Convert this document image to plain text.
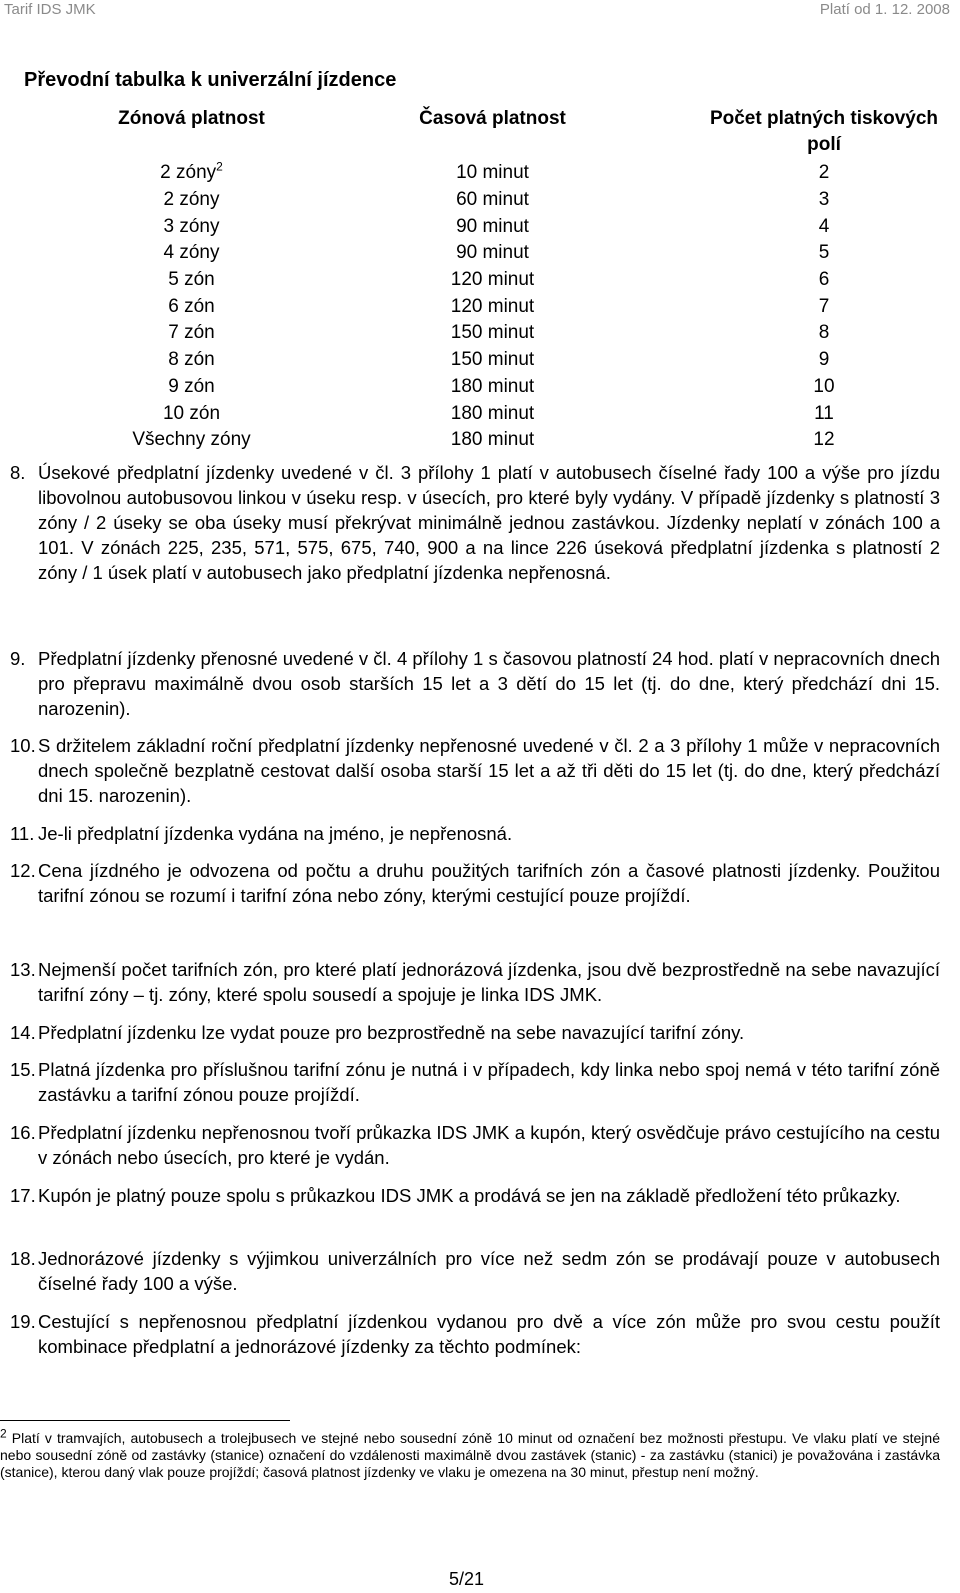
Tarif IDS JMK	Platí od 1. 12. 2008
Převodní tabulka k univerzální jízdence
Zónová platnost	Časová platnost	Počet platných tiskových polí
2 zóny$^2$	10 minut	2
2 zóny	60 minut	3
3 zóny	90 minut	4
4 zóny	90 minut	5
5 zón	120 minut	6
6 zón	120 minut	7
7 zón	150 minut	8
8 zón	150 minut	9
9 zón	180 minut	10
10 zón	180 minut	11
Všechny zóny	180 minut	12
8. Úsekové předplatní jízdenky uvedené v čl. 3 přílohy 1 platí v autobusech číselné řady 100 a výše pro jízdu libovolnou autobusovou linkou v úseku resp. v úsecích, pro které byly vydány. V případě jízdenky s platností 3 zóny / 2 úseky se oba úseky musí překrývat minimálně jednou zastávkou. Jízdenky neplatí v zónách 100 a 101. V zónách 225, 235, 571, 575, 675, 740, 900 a na lince 226 úseková předplatní jízdenka s platností 2 zóny / 1 úsek platí v autobusech jako předplatní jízdenka nepřenosná.
9. Předplatní jízdenky přenosné uvedené v čl. 4 přílohy 1 s časovou platností 24 hod. platí v nepracovních dnech pro přepravu maximálně dvou osob starších 15 let a 3 dětí do 15 let (tj. do dne, který předchází dni 15. narozenin).
10. S držitelem základní roční předplatní jízdenky nepřenosné uvedené v čl. 2 a 3 přílohy 1 může v nepracovních dnech společně bezplatně cestovat další osoba starší 15 let a až tři děti do 15 let (tj. do dne, který předchází dni 15. narozenin).
11. Je-li předplatní jízdenka vydána na jméno, je nepřenosná.
12. Cena jízdného je odvozena od počtu a druhu použitých tarifních zón a časové platnosti jízdenky. Použitou tarifní zónou se rozumí i tarifní zóna nebo zóny, kterými cestující pouze projíždí.
13. Nejmenší počet tarifních zón, pro které platí jednorázová jízdenka, jsou dvě bezprostředně na sebe navazující tarifní zóny – tj. zóny, které spolu sousedí a spojuje je linka IDS JMK.
14. Předplatní jízdenku lze vydat pouze pro bezprostředně na sebe navazující tarifní zóny.
15. Platná jízdenka pro příslušnou tarifní zónu je nutná i v případech, kdy linka nebo spoj nemá v této tarifní zóně zastávku a tarifní zónou pouze projíždí.
16. Předplatní jízdenku nepřenosnou tvoří průkazka IDS JMK a kupón, který osvědčuje právo cestujícího na cestu v zónách nebo úsecích, pro které je vydán.
17. Kupón je platný pouze spolu s průkazkou IDS JMK a prodává se jen na základě předložení této průkazky.
18. Jednorázové jízdenky s výjimkou univerzálních pro více než sedm zón se prodávají pouze v autobusech číselné řady 100 a výše.
19. Cestující s nepřenosnou předplatní jízdenkou vydanou pro dvě a více zón může pro svou cestu použít kombinace předplatní a jednorázové jízdenky za těchto podmínek:
$^2$ Platí v tramvajích, autobusech a trolejbusech ve stejné nebo sousední zóně 10 minut od označení bez možnosti přestupu. Ve vlaku platí ve stejné nebo sousední zóně od zastávky (stanice) označení do vzdálenosti maximálně dvou zastávek (stanic) - za zastávku (stanici) je považována i zastávka (stanice), kterou daný vlak pouze projíždí; časová platnost jízdenky ve vlaku je omezena na 30 minut, přestup není možný.
5/21
